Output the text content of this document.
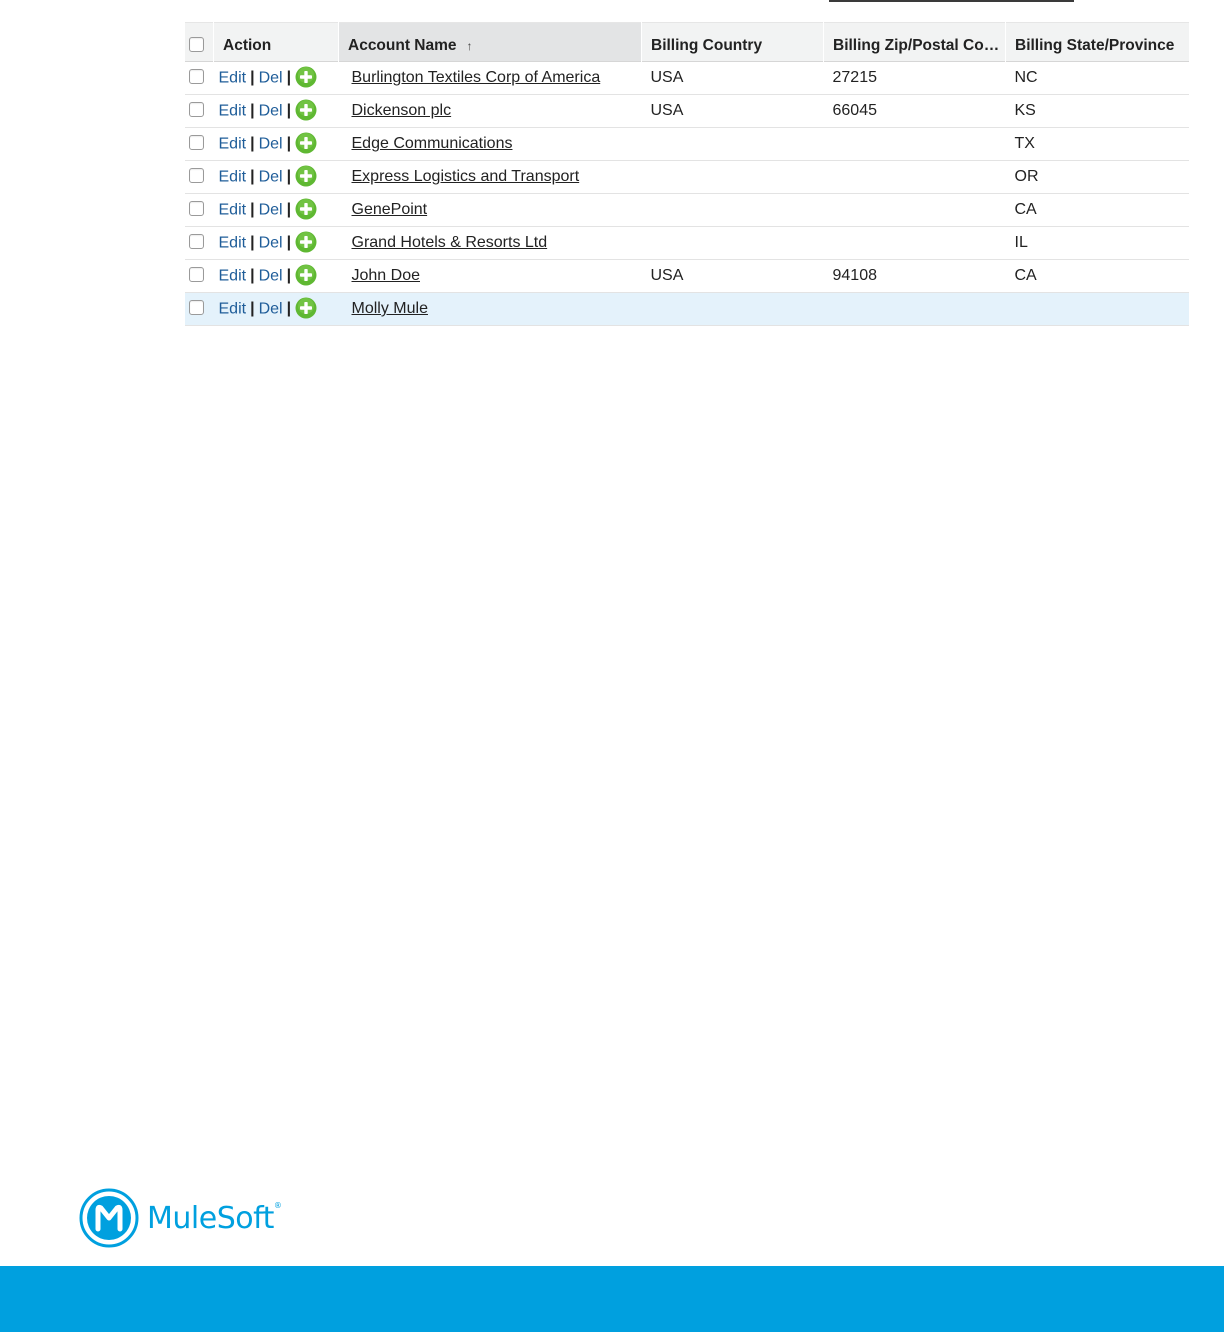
	Action	Account Name ↑	Billing Country	Billing Zip/Postal Co…	Billing State/Province
	Edit | Del |	Burlington Textiles Corp of America	USA	27215	NC
	Edit | Del |	Dickenson plc	USA	66045	KS
	Edit | Del |	Edge Communications			TX
	Edit | Del |	Express Logistics and Transport			OR
	Edit | Del |	GenePoint			CA
	Edit | Del |	Grand Hotels & Resorts Ltd			IL
	Edit | Del |	John Doe	USA	94108	CA
	Edit | Del |	Molly Mule			
MuleSoft®
